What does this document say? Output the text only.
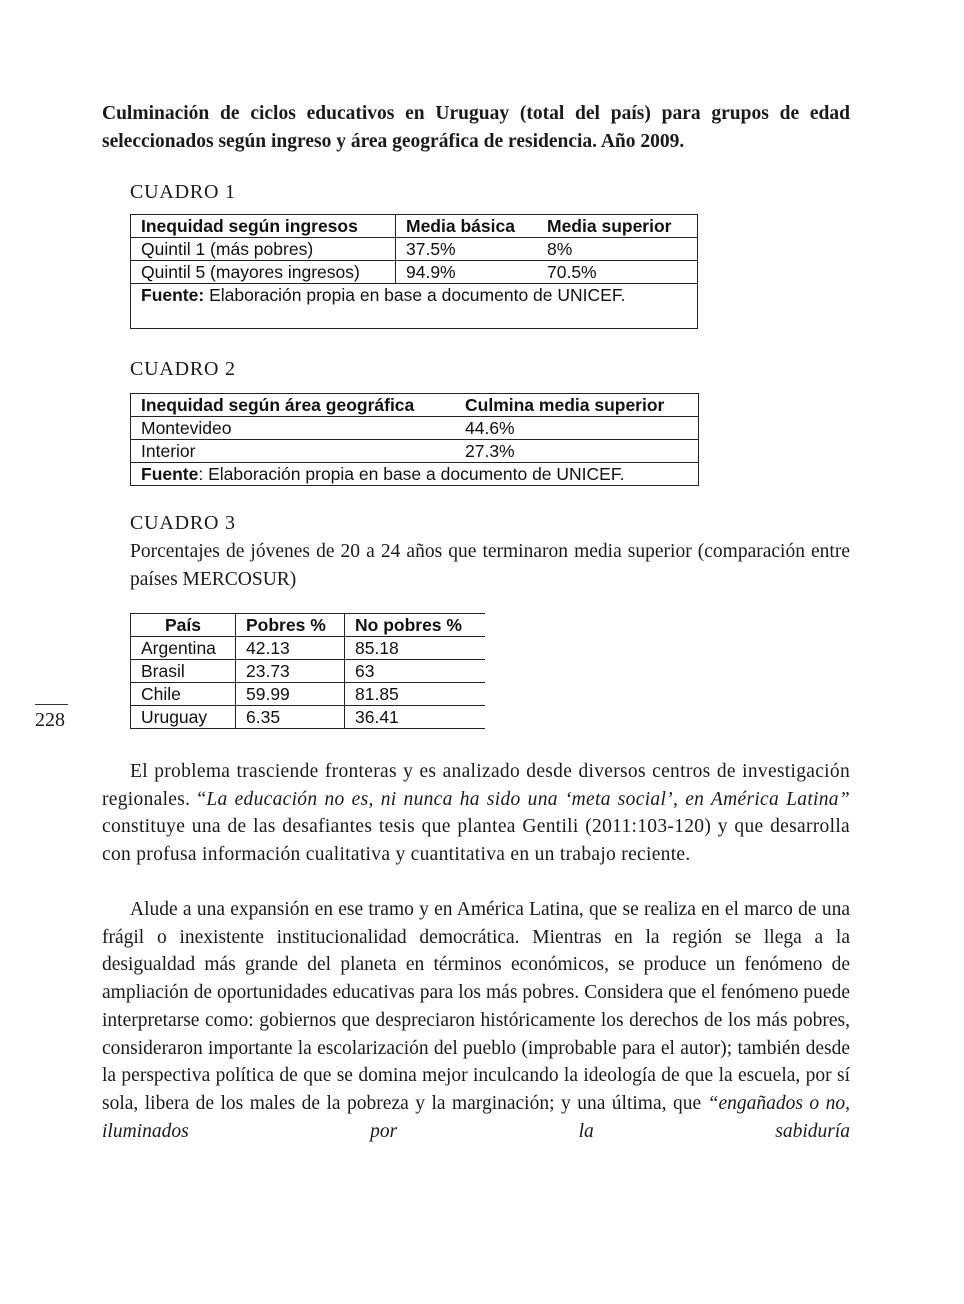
Culminación de ciclos educativos en Uruguay (total del país) para grupos de edad seleccionados según ingreso y área geográfica de residencia. Año 2009.

CUADRO 1

Inequidad según ingresos	Media básica	Media superior
Quintil 1 (más pobres)	37.5%	8%
Quintil 5 (mayores ingresos)	94.9%	70.5%
Fuente: Elaboración propia en base a documento de UNICEF.		

CUADRO 2

Inequidad según área geográfica	Culmina media superior
Montevideo	44.6%
Interior	27.3%
Fuente: Elaboración propia en base a documento de UNICEF.	

CUADRO 3

Porcentajes de jóvenes de 20 a 24 años que terminaron media superior (comparación entre países MERCOSUR)

País	Pobres %	No pobres %
Argentina	42.13	85.18
Brasil	23.73	63
Chile	59.99	81.85
Uruguay	6.35	36.41

228

El problema trasciende fronteras y es analizado desde diversos centros de investigación regionales. “La educación no es, ni nunca ha sido una ‘meta social’, en América Latina” constituye una de las desafiantes tesis que plantea Gentili (2011:103-120) y que desarrolla con profusa información cualitativa y cuantitativa en un trabajo reciente.

Alude a una expansión en ese tramo y en América Latina, que se realiza en el marco de una frágil o inexistente institucionalidad democrática. Mientras en la región se llega a la desigualdad más grande del planeta en términos económicos, se produce un fenómeno de ampliación de oportunidades educativas para los más pobres. Considera que el fenómeno puede interpretarse como: gobiernos que despreciaron históricamente los derechos de los más pobres, consideraron importante la escolarización del pueblo (improbable para el autor); también desde la perspectiva política de que se domina mejor inculcando la ideología de que la escuela, por sí sola, libera de los males de la pobreza y la marginación; y una última, que “engañados o no, iluminados por la sabiduría
